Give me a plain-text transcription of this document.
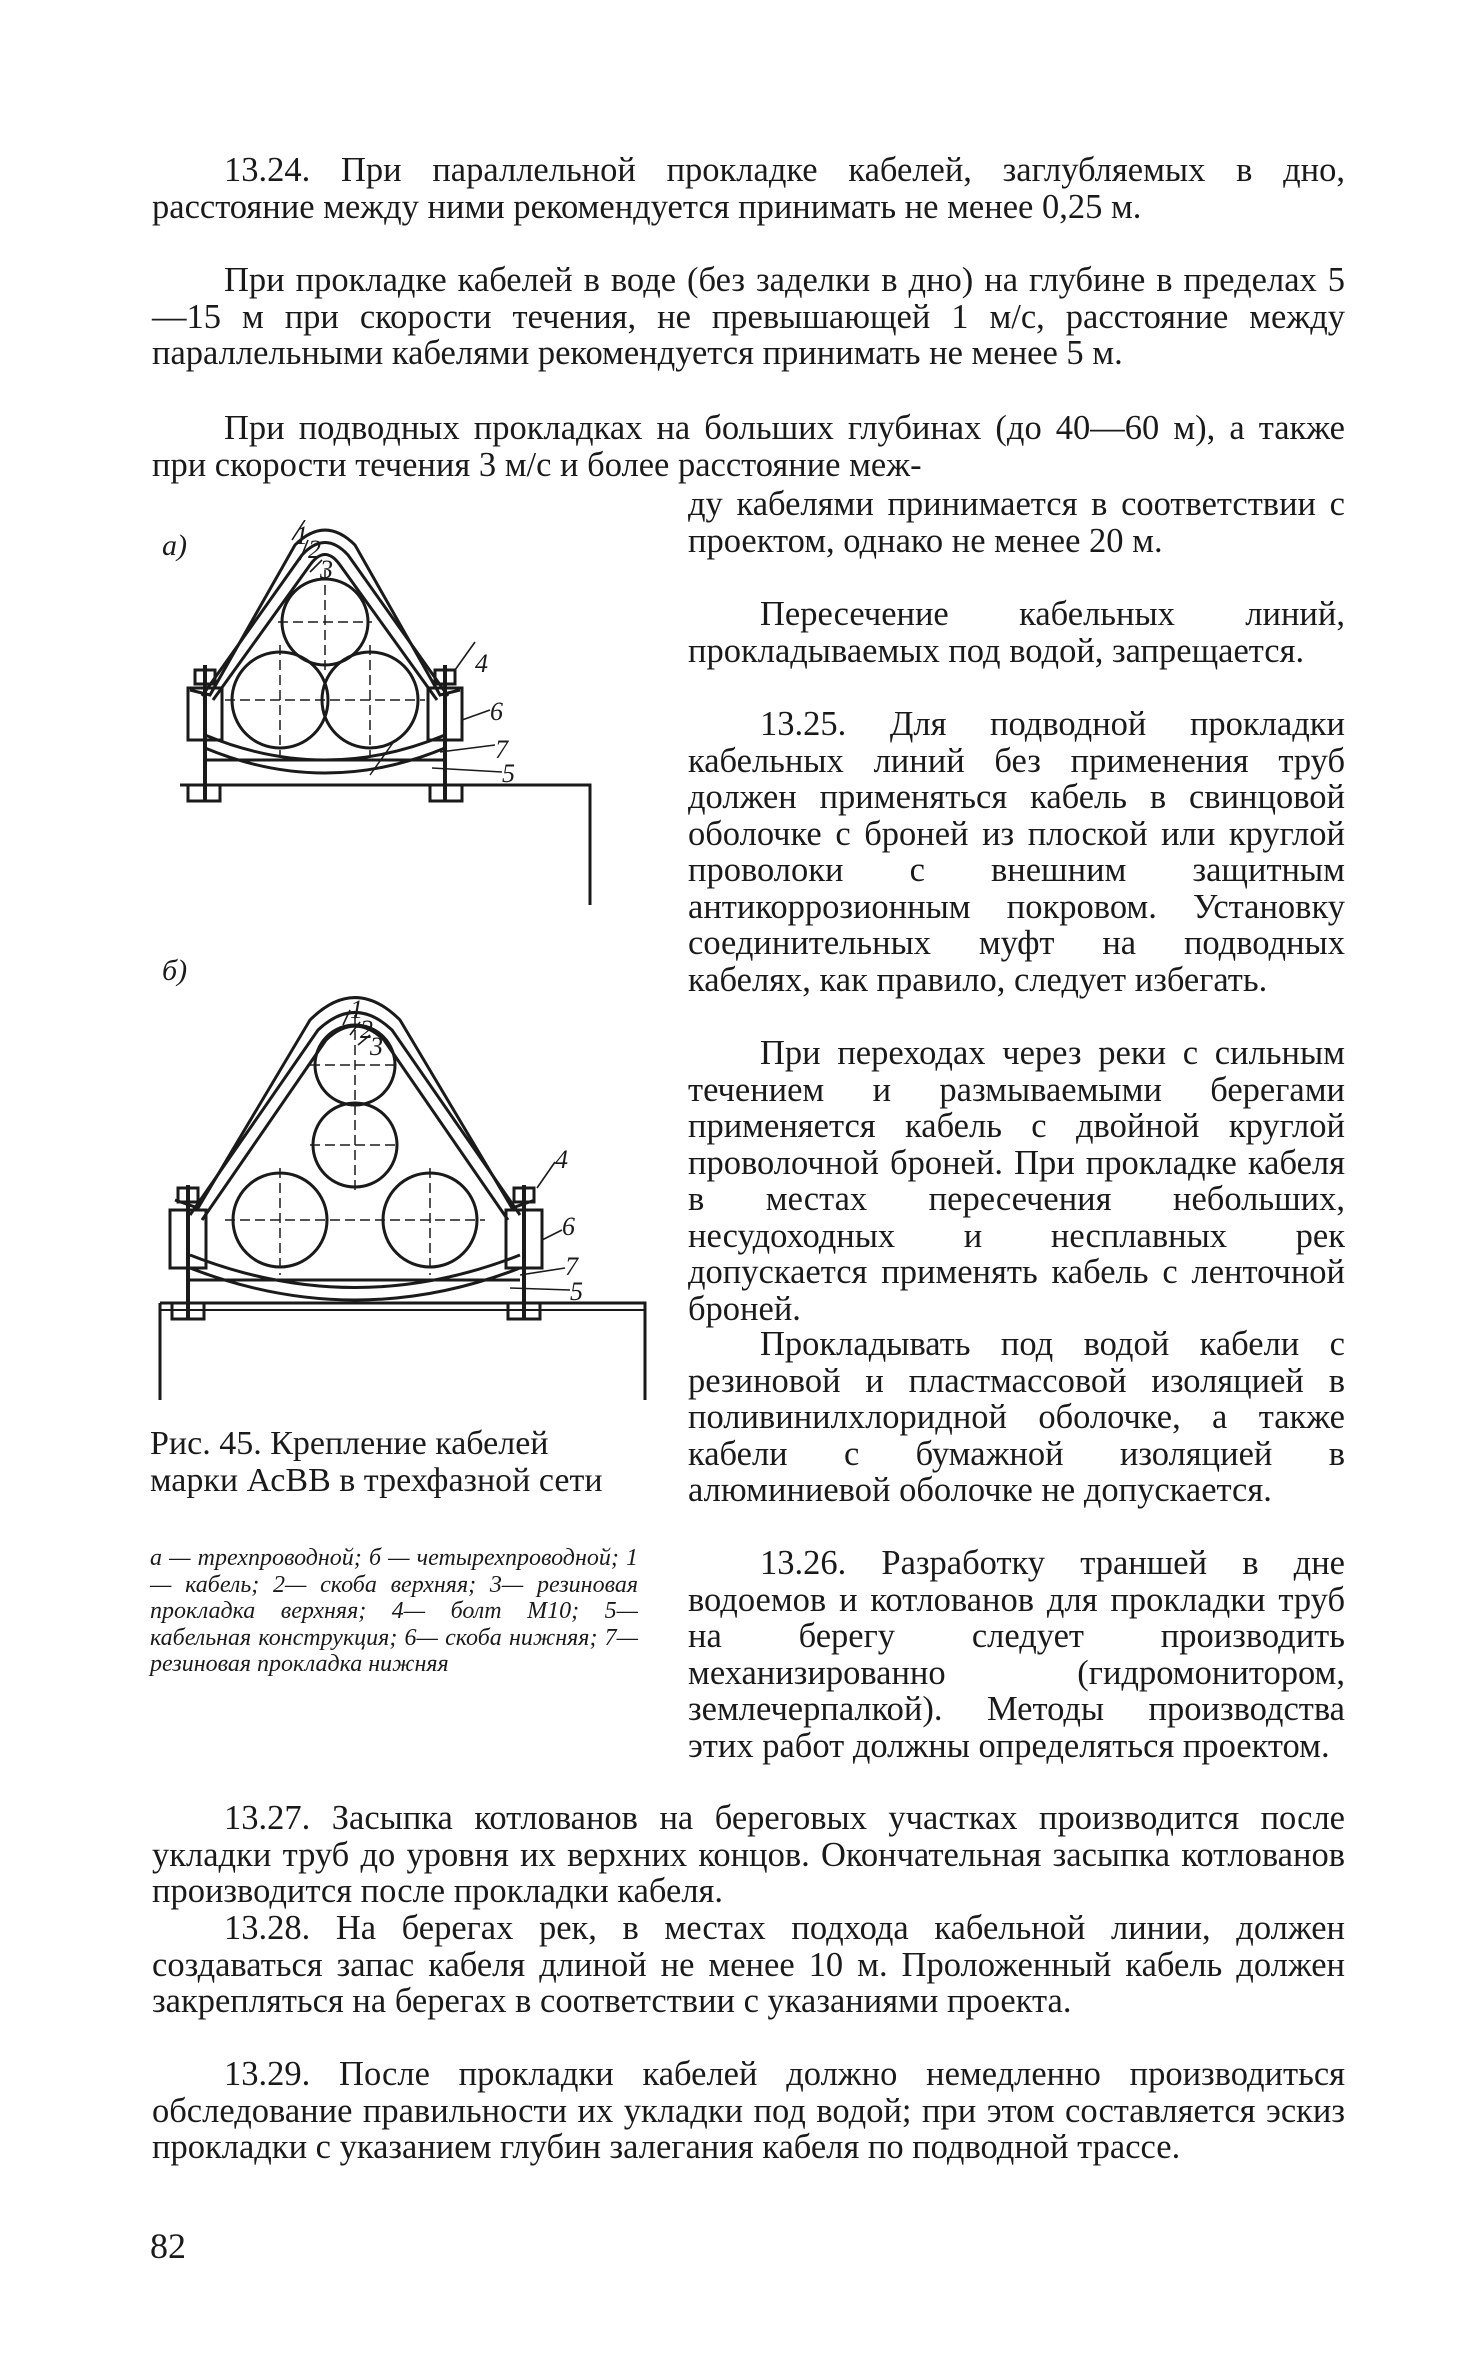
13.24. При параллельной прокладке кабелей, заглубляемых в дно, расстояние между ними рекомендуется принимать не менее 0,25 м.

При прокладке кабелей в воде (без заделки в дно) на глубине в пределах 5—15 м при скорости течения, не превышающей 1 м/с, расстояние между параллельными кабелями рекомендуется принимать не менее 5 м.

При подводных прокладках на больших глубинах (до 40—60 м), а также при скорости течения 3 м/с и более расстояние меж-

ду кабелями принимается в соответствии с проектом, однако не менее 20 м.

Пересечение кабельных линий, прокладываемых под водой, запрещается.

13.25. Для подводной прокладки кабельных линий без применения труб должен применяться кабель в свинцовой оболочке с броней из плоской или круглой проволоки с внешним защитным антикоррозионным покровом. Установку соединительных муфт на подводных кабелях, как правило, следует избегать.

При переходах через реки с сильным течением и размываемыми берегами применяется кабель с двойной круглой проволочной броней. При прокладке кабеля в местах пересечения небольших, несудоходных и несплавных рек допускается применять кабель с ленточной броней.

Прокладывать под водой кабели с резиновой и пластмассовой изоляцией в поливинилхлоридной оболочке, а также кабели с бумажной изоляцией в алюминиевой оболочке не допускается.

13.26. Разработку траншей в дне водоемов и котлованов для прокладки труб на берегу следует производить механизированно (гидромонитором, землечерпалкой). Методы производства этих работ должны определяться проектом.

13.27. Засыпка котлованов на береговых участках производится после укладки труб до уровня их верхних концов. Окончательная засыпка котлованов производится после прокладки кабеля.

13.28. На берегах рек, в местах подхода кабельной линии, должен создаваться запас кабеля длиной не менее 10 м. Проложенный кабель должен закрепляться на берегах в соответствии с указаниями проекта.

13.29. После прокладки кабелей должно немедленно производиться обследование правильности их укладки под водой; при этом составляется эскиз прокладки с указанием глубин залегания кабеля по подводной трассе.

а)
б)
1 2
3
4
6
7
5
1
2
3
4
6
7
5

Рис. 45. Крепление кабелей марки АсВВ в трехфазной сети

а — трехпроводной; б — четырехпроводной; 1— кабель; 2— скоба верхняя; 3— резиновая прокладка верхняя; 4— болт М10; 5— кабельная конструкция; 6— скоба нижняя; 7— резиновая прокладка нижняя

82
